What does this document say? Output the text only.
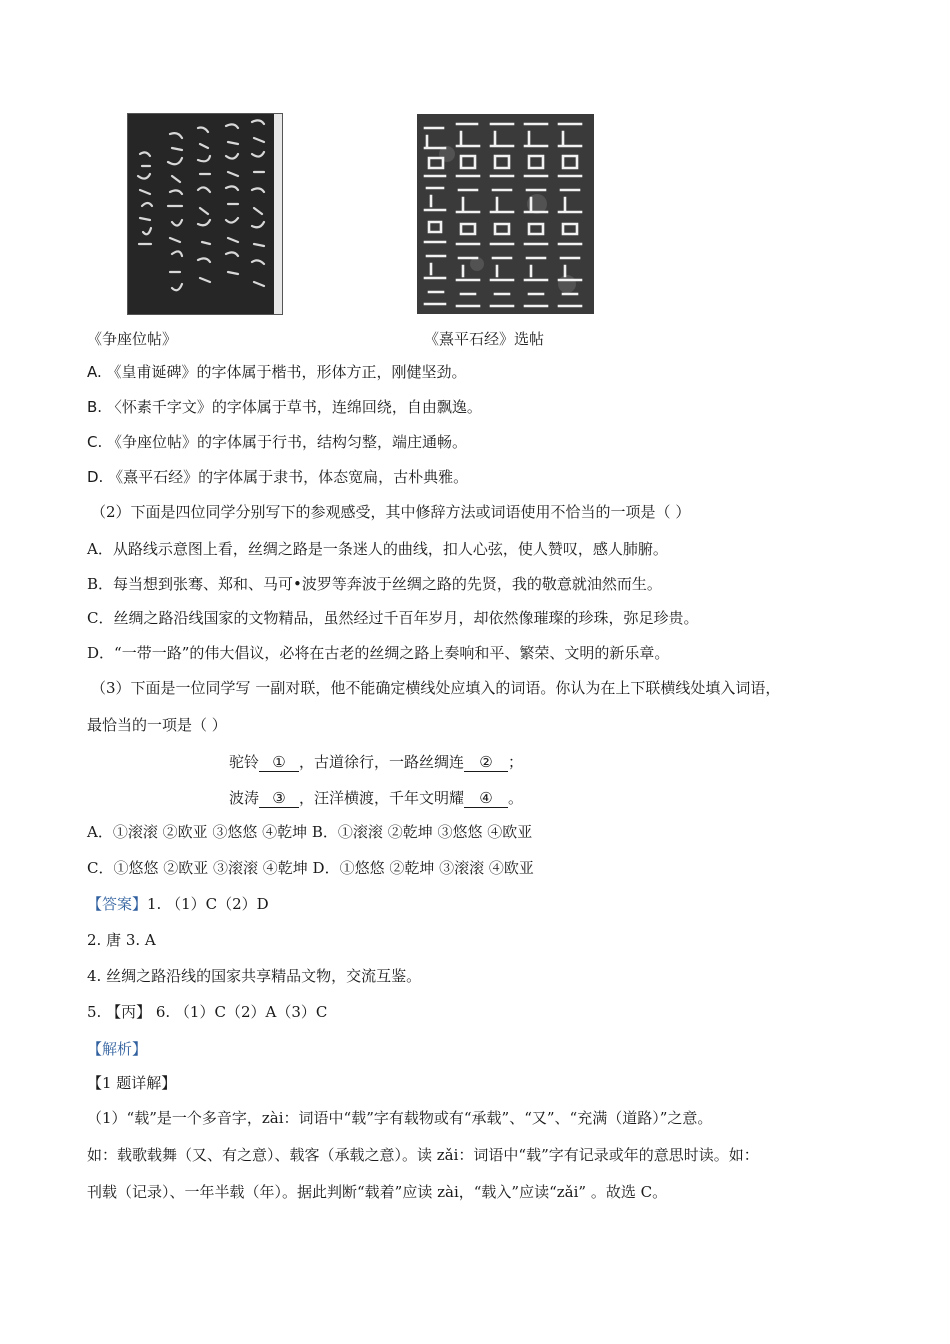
《争座位帖》	《熹平石经》选帖
A. 《皇甫诞碑》的字体属于楷书，形体方正，刚健坚劲。
B. 〈怀素千字文》的字体属于草书，连绵回绕，自由飘逸。
C. 《争座位帖》的字体属于行书，结构匀整，端庄通畅。
D. 《熹平石经》的字体属于隶书，体态宽扁，古朴典雅。
（2）下面是四位同学分别写下的参观感受，其中修辞方法或词语使用不恰当的一项是（ ）
A．从路线示意图上看，丝绸之路是一条迷人的曲线，扣人心弦，使人赞叹，感人肺腑。
B．每当想到张骞、郑和、马可•波罗等奔波于丝绸之路的先贤，我的敬意就油然而生。
C．丝绸之路沿线国家的文物精品，虽然经过千百年岁月，却依然像璀璨的珍珠，弥足珍贵。
D．“一带一路”的伟大倡议，必将在古老的丝绸之路上奏响和平、繁荣、文明的新乐章。
（3）下面是一位同学写 一副对联，他不能确定横线处应填入的词语。你认为在上下联横线处填入词语，
最恰当的一项是（ ）
驼铃 ① ，古道徐行，一路丝绸连 ② ；
波涛 ③ ，汪洋横渡，千年文明耀 ④ 。
A．①滚滚 ②欧亚 ③悠悠 ④乾坤 B．①滚滚 ②乾坤 ③悠悠 ④欧亚
C．①悠悠 ②欧亚 ③滚滚 ④乾坤 D．①悠悠 ②乾坤 ③滚滚 ④欧亚
【答案】1. （1）C（2）D
2. 唐 3. A
4. 丝绸之路沿线的国家共享精品文物，交流互鉴。
5. 【丙】 6. （1）C（2）A（3）C
【解析】
【1 题详解】
（1）“载”是一个多音字，zài：词语中“载”字有载物或有“承载”、“又”、“充满（道路）”之意。
如：载歌载舞（又、有之意）、载客（承载之意）。读 zǎi：词语中“载”字有记录或年的意思时读。如：
刊载（记录）、一年半载（年）。据此判断“载着”应读 zài，“载入”应读“zǎi” 。故选 C。
